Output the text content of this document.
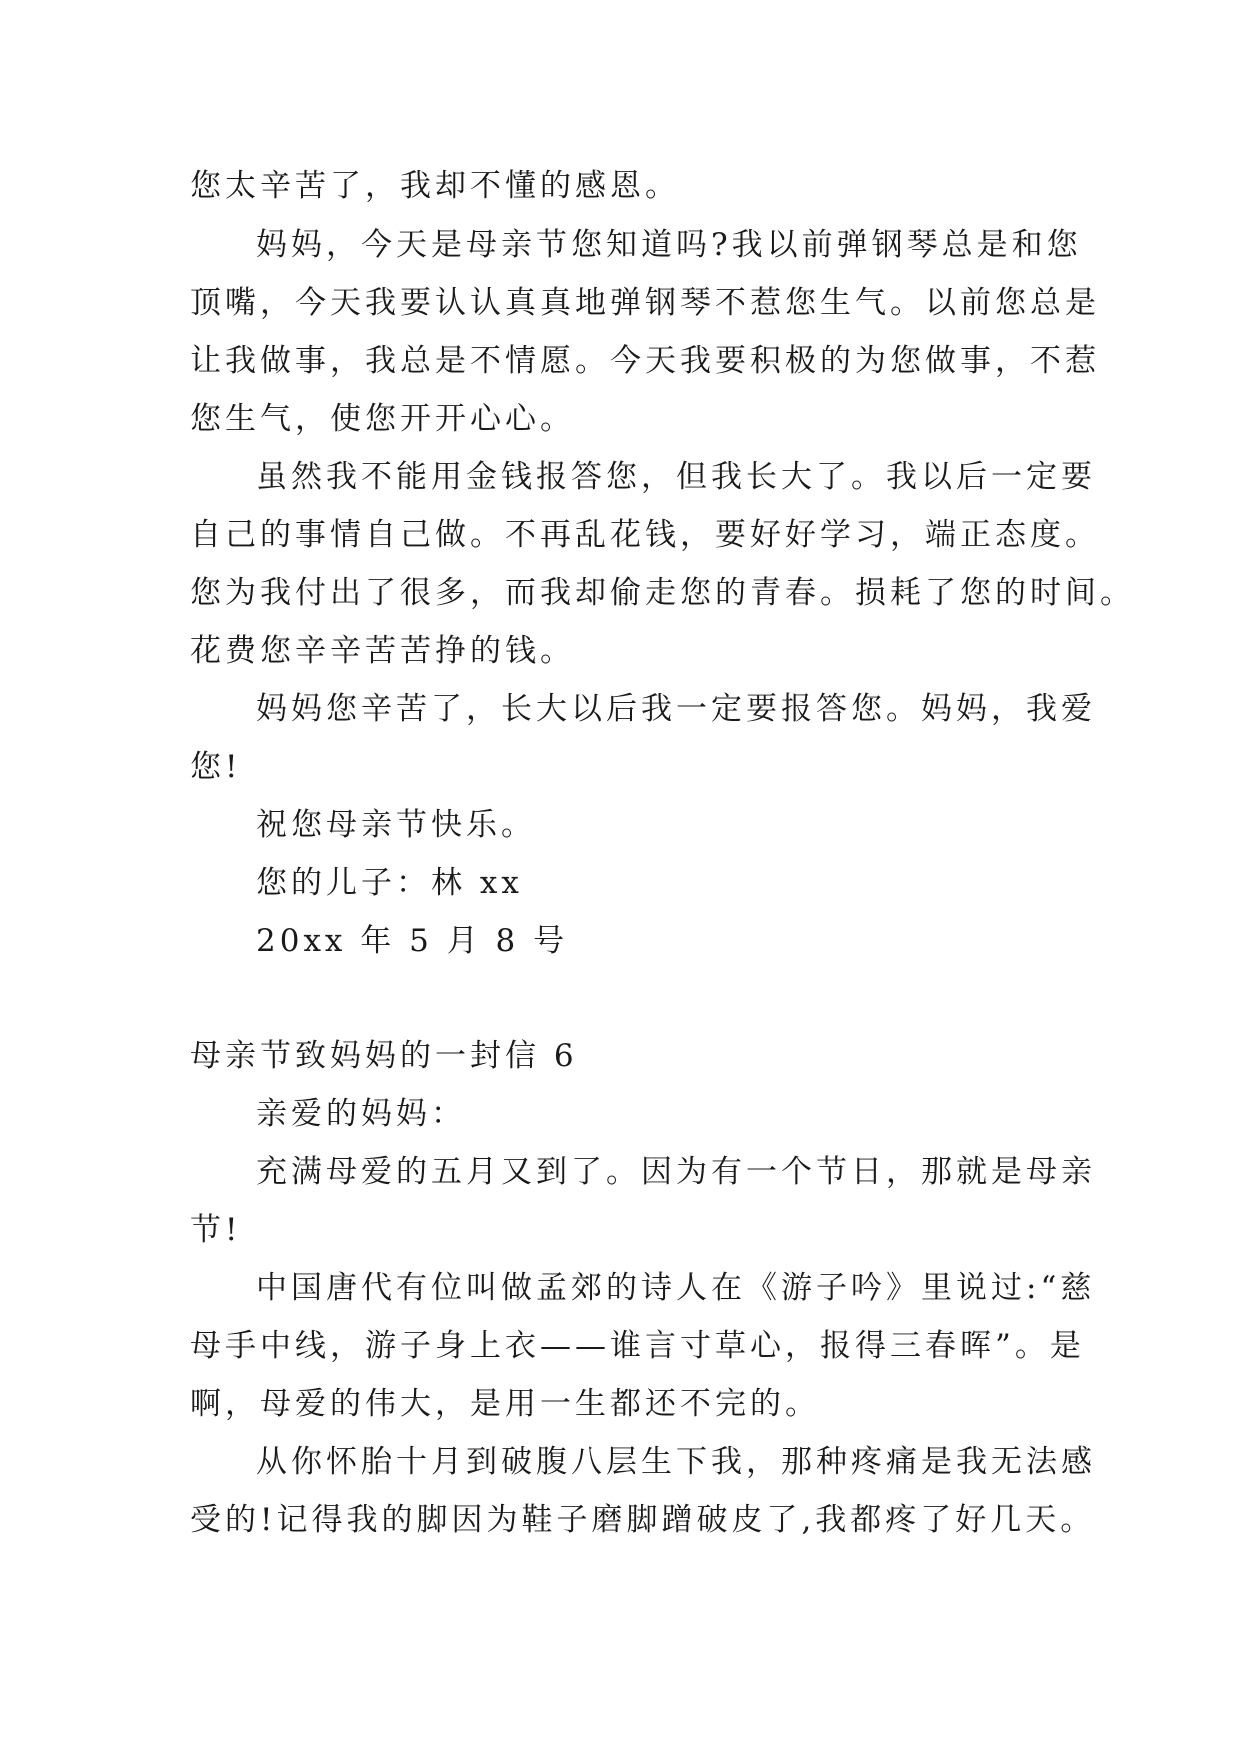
您太辛苦了，我却不懂的感恩。
妈妈，今天是母亲节您知道吗?我以前弹钢琴总是和您
顶嘴，今天我要认认真真地弹钢琴不惹您生气。以前您总是
让我做事，我总是不情愿。今天我要积极的为您做事，不惹
您生气，使您开开心心。
虽然我不能用金钱报答您，但我长大了。我以后一定要
自己的事情自己做。不再乱花钱，要好好学习，端正态度。
您为我付出了很多，而我却偷走您的青春。损耗了您的时间。
花费您辛辛苦苦挣的钱。
妈妈您辛苦了，长大以后我一定要报答您。妈妈，我爱
您!
祝您母亲节快乐。
您的儿子：林 xx
20xx 年 5 月 8 号
母亲节致妈妈的一封信 6
亲爱的妈妈：
充满母爱的五月又到了。因为有一个节日，那就是母亲
节!
中国唐代有位叫做孟郊的诗人在《游子吟》里说过:“慈
母手中线，游子身上衣——谁言寸草心，报得三春晖”。是
啊，母爱的伟大，是用一生都还不完的。
从你怀胎十月到破腹八层生下我，那种疼痛是我无法感
受的!记得我的脚因为鞋子磨脚蹭破皮了,我都疼了好几天。
